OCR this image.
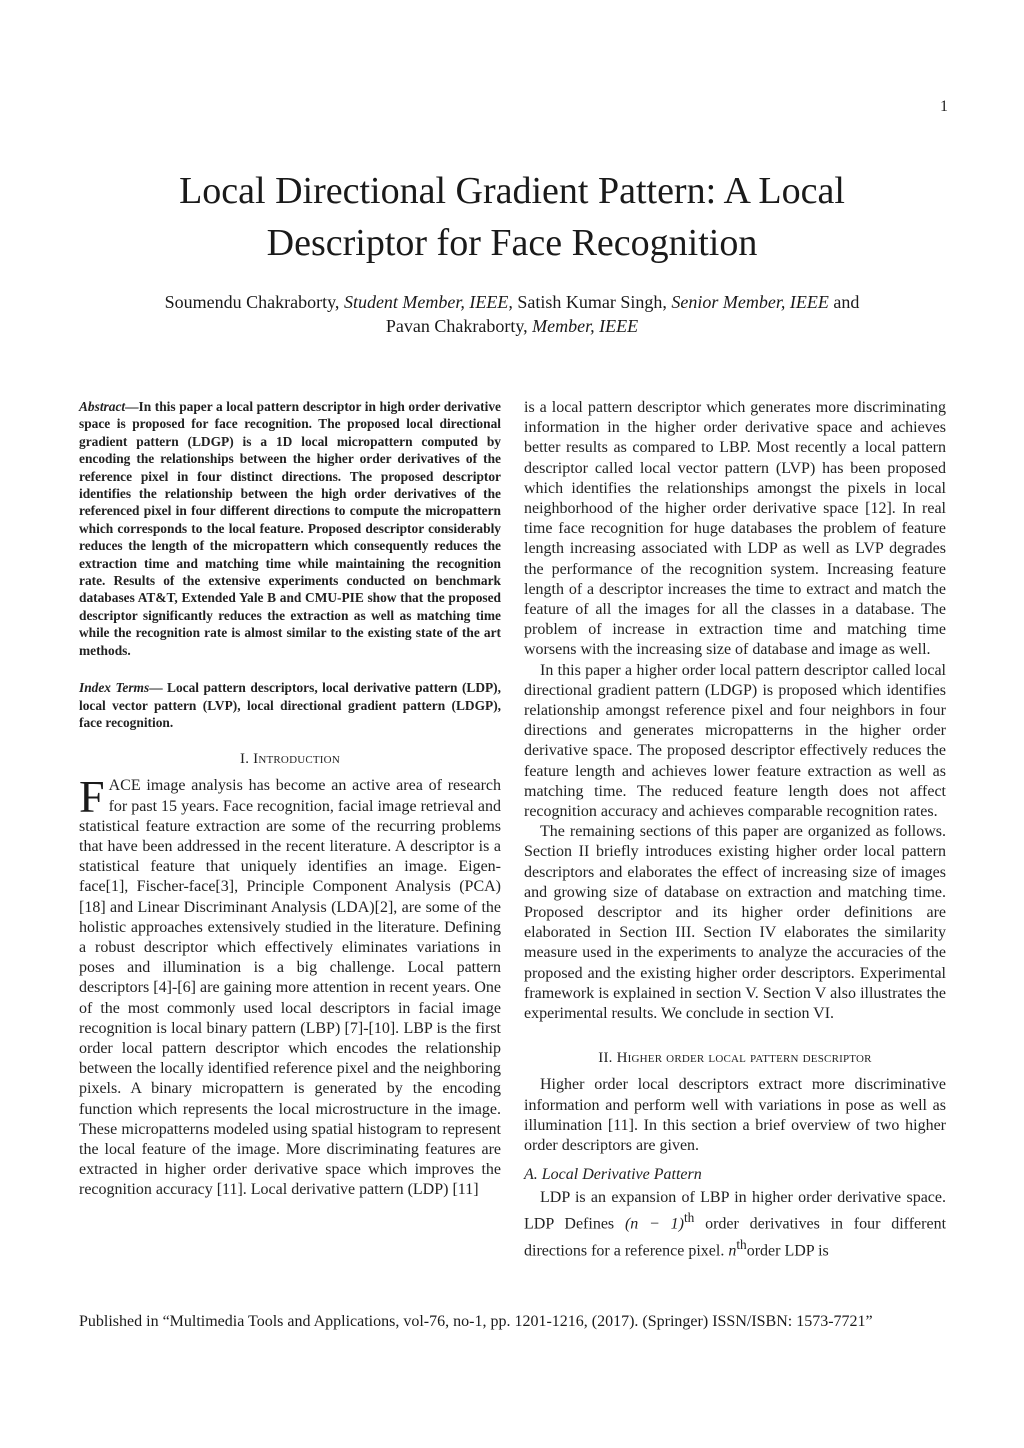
1
Local Directional Gradient Pattern: A Local
Descriptor for Face Recognition
Soumendu Chakraborty, Student Member, IEEE, Satish Kumar Singh, Senior Member, IEEE and
Pavan Chakraborty, Member, IEEE

Abstract—In this paper a local pattern descriptor in high order derivative space is proposed for face recognition. The proposed local directional gradient pattern (LDGP) is a 1D local micropattern computed by encoding the relationships between the higher order derivatives of the reference pixel in four distinct directions. The proposed descriptor identifies the relationship between the high order derivatives of the referenced pixel in four different directions to compute the micropattern which corresponds to the local feature. Proposed descriptor considerably reduces the length of the micropattern which consequently reduces the extraction time and matching time while maintaining the recognition rate. Results of the extensive experiments conducted on benchmark databases AT&T, Extended Yale B and CMU-PIE show that the proposed descriptor significantly reduces the extraction as well as matching time while the recognition rate is almost similar to the existing state of the art methods.

Index Terms— Local pattern descriptors, local derivative pattern (LDP), local vector pattern (LVP), local directional gradient pattern (LDGP), face recognition.

I. Introduction

FACE image analysis has become an active area of research for past 15 years. Face recognition, facial image retrieval and statistical feature extraction are some of the recurring problems that have been addressed in the recent literature. A descriptor is a statistical feature that uniquely identifies an image. Eigen-face[1], Fischer-face[3], Principle Component Analysis (PCA)[18] and Linear Discriminant Analysis (LDA)[2], are some of the holistic approaches extensively studied in the literature. Defining a robust descriptor which effectively eliminates variations in poses and illumination is a big challenge. Local pattern descriptors [4]-[6] are gaining more attention in recent years. One of the most commonly used local descriptors in facial image recognition is local binary pattern (LBP) [7]-[10]. LBP is the first order local pattern descriptor which encodes the relationship between the locally identified reference pixel and the neighboring pixels. A binary micropattern is generated by the encoding function which represents the local microstructure in the image. These micropatterns modeled using spatial histogram to represent the local feature of the image. More discriminating features are extracted in higher order derivative space which improves the recognition accuracy [11]. Local derivative pattern (LDP) [11]

is a local pattern descriptor which generates more discriminating information in the higher order derivative space and achieves better results as compared to LBP. Most recently a local pattern descriptor called local vector pattern (LVP) has been proposed which identifies the relationships amongst the pixels in local neighborhood of the higher order derivative space [12]. In real time face recognition for huge databases the problem of feature length increasing associated with LDP as well as LVP degrades the performance of the recognition system. Increasing feature length of a descriptor increases the time to extract and match the feature of all the images for all the classes in a database. The problem of increase in extraction time and matching time worsens with the increasing size of database and image as well.

In this paper a higher order local pattern descriptor called local directional gradient pattern (LDGP) is proposed which identifies relationship amongst reference pixel and four neighbors in four directions and generates micropatterns in the higher order derivative space. The proposed descriptor effectively reduces the feature length and achieves lower feature extraction as well as matching time. The reduced feature length does not affect recognition accuracy and achieves comparable recognition rates.

The remaining sections of this paper are organized as follows. Section II briefly introduces existing higher order local pattern descriptors and elaborates the effect of increasing size of images and growing size of database on extraction and matching time. Proposed descriptor and its higher order definitions are elaborated in Section III. Section IV elaborates the similarity measure used in the experiments to analyze the accuracies of the proposed and the existing higher order descriptors. Experimental framework is explained in section V. Section V also illustrates the experimental results. We conclude in section VI.

II. Higher order local pattern descriptor

Higher order local descriptors extract more discriminative information and perform well with variations in pose as well as illumination [11]. In this section a brief overview of two higher order descriptors are given.

A. Local Derivative Pattern

LDP is an expansion of LBP in higher order derivative space. LDP Defines $(n - 1)^{th}$ order derivatives in four different directions for a reference pixel. $n^{th}order$ LDP is

Published in “Multimedia Tools and Applications, vol-76, no-1, pp. 1201-1216, (2017). (Springer) ISSN/ISBN: 1573-7721”
